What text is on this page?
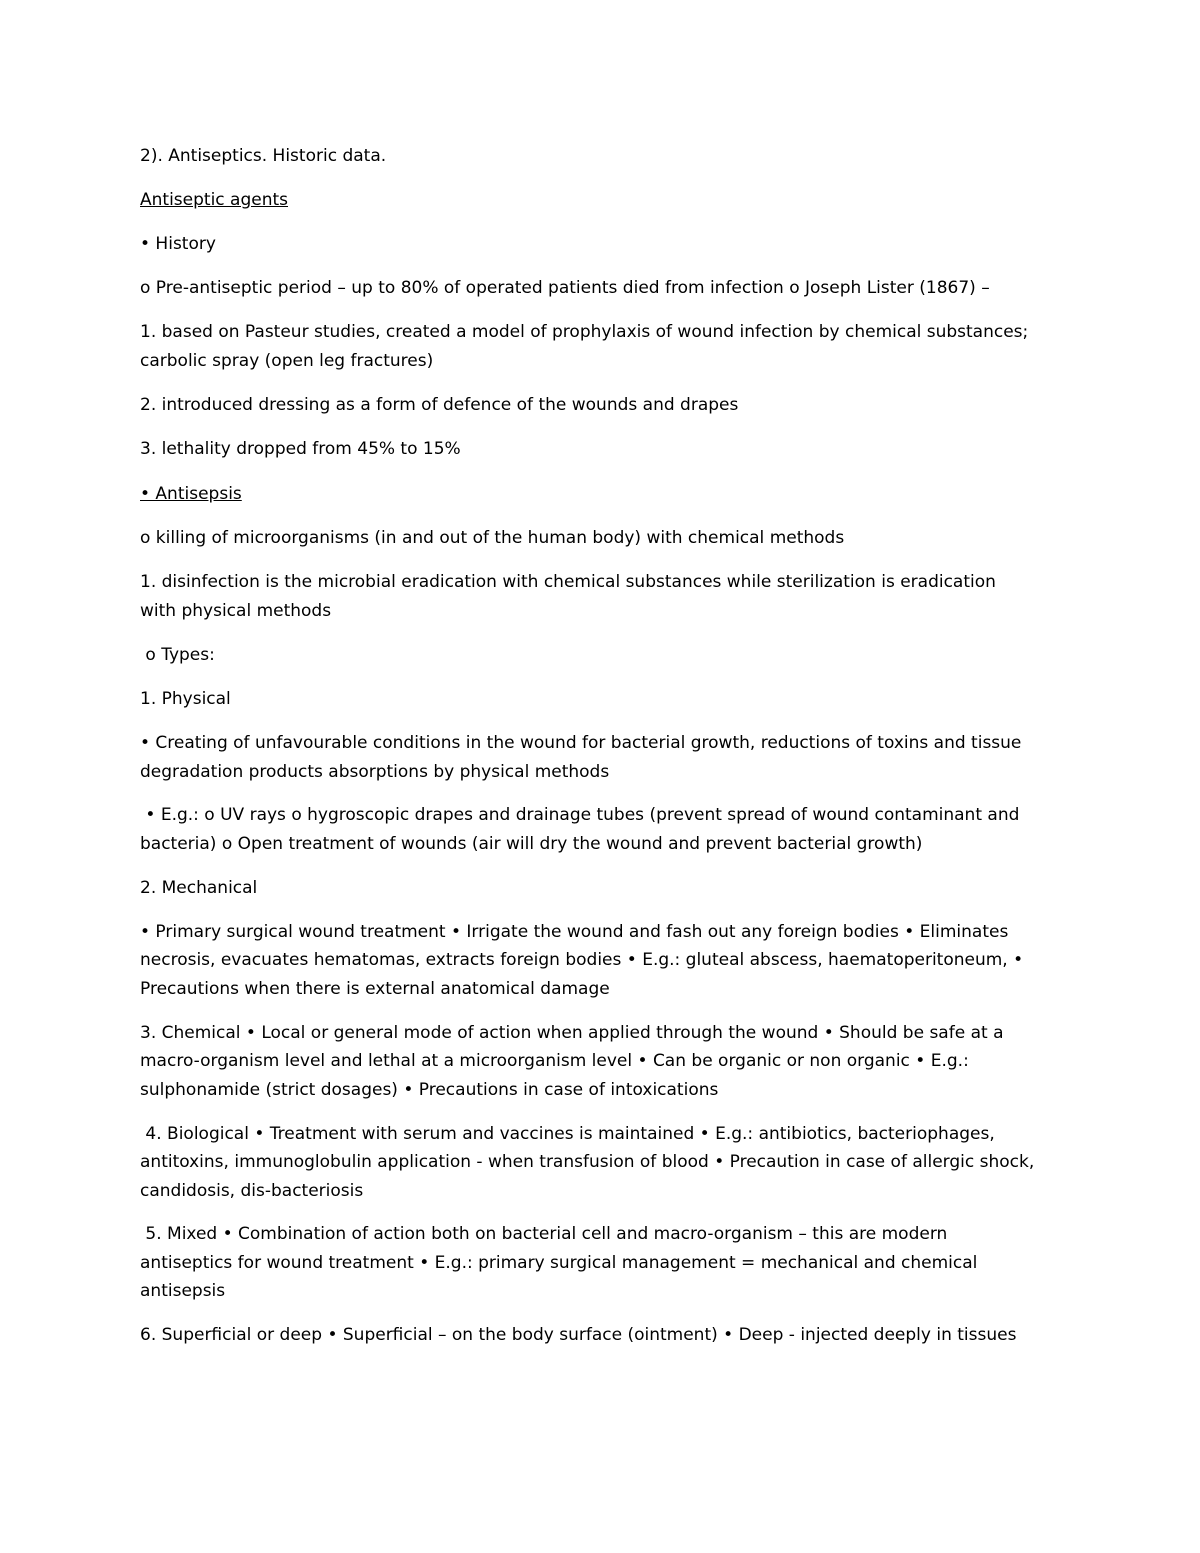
2). Antiseptics. Historic data.
Antiseptic agents
• History
o Pre-antiseptic period – up to 80% of operated patients died from infection o Joseph Lister (1867) –
1. based on Pasteur studies, created a model of prophylaxis of wound infection by chemical substances;
carbolic spray (open leg fractures)
2. introduced dressing as a form of defence of the wounds and drapes
3. lethality dropped from 45% to 15%
• Antisepsis
o killing of microorganisms (in and out of the human body) with chemical methods
1. disinfection is the microbial eradication with chemical substances while sterilization is eradication
with physical methods
o Types:
1. Physical
• Creating of unfavourable conditions in the wound for bacterial growth, reductions of toxins and tissue
degradation products absorptions by physical methods
• E.g.: o UV rays o hygroscopic drapes and drainage tubes (prevent spread of wound contaminant and
bacteria) o Open treatment of wounds (air will dry the wound and prevent bacterial growth)
2. Mechanical
• Primary surgical wound treatment • Irrigate the wound and fash out any foreign bodies • Eliminates
necrosis, evacuates hematomas, extracts foreign bodies • E.g.: gluteal abscess, haematoperitoneum, •
Precautions when there is external anatomical damage
3. Chemical • Local or general mode of action when applied through the wound • Should be safe at a
macro-organism level and lethal at a microorganism level • Can be organic or non organic • E.g.:
sulphonamide (strict dosages) • Precautions in case of intoxications
4. Biological • Treatment with serum and vaccines is maintained • E.g.: antibiotics, bacteriophages,
antitoxins, immunoglobulin application - when transfusion of blood • Precaution in case of allergic shock,
candidosis, dis-bacteriosis
5. Mixed • Combination of action both on bacterial cell and macro-organism – this are modern
antiseptics for wound treatment • E.g.: primary surgical management = mechanical and chemical
antisepsis
6. Superficial or deep • Superficial – on the body surface (ointment) • Deep - injected deeply in tissues
